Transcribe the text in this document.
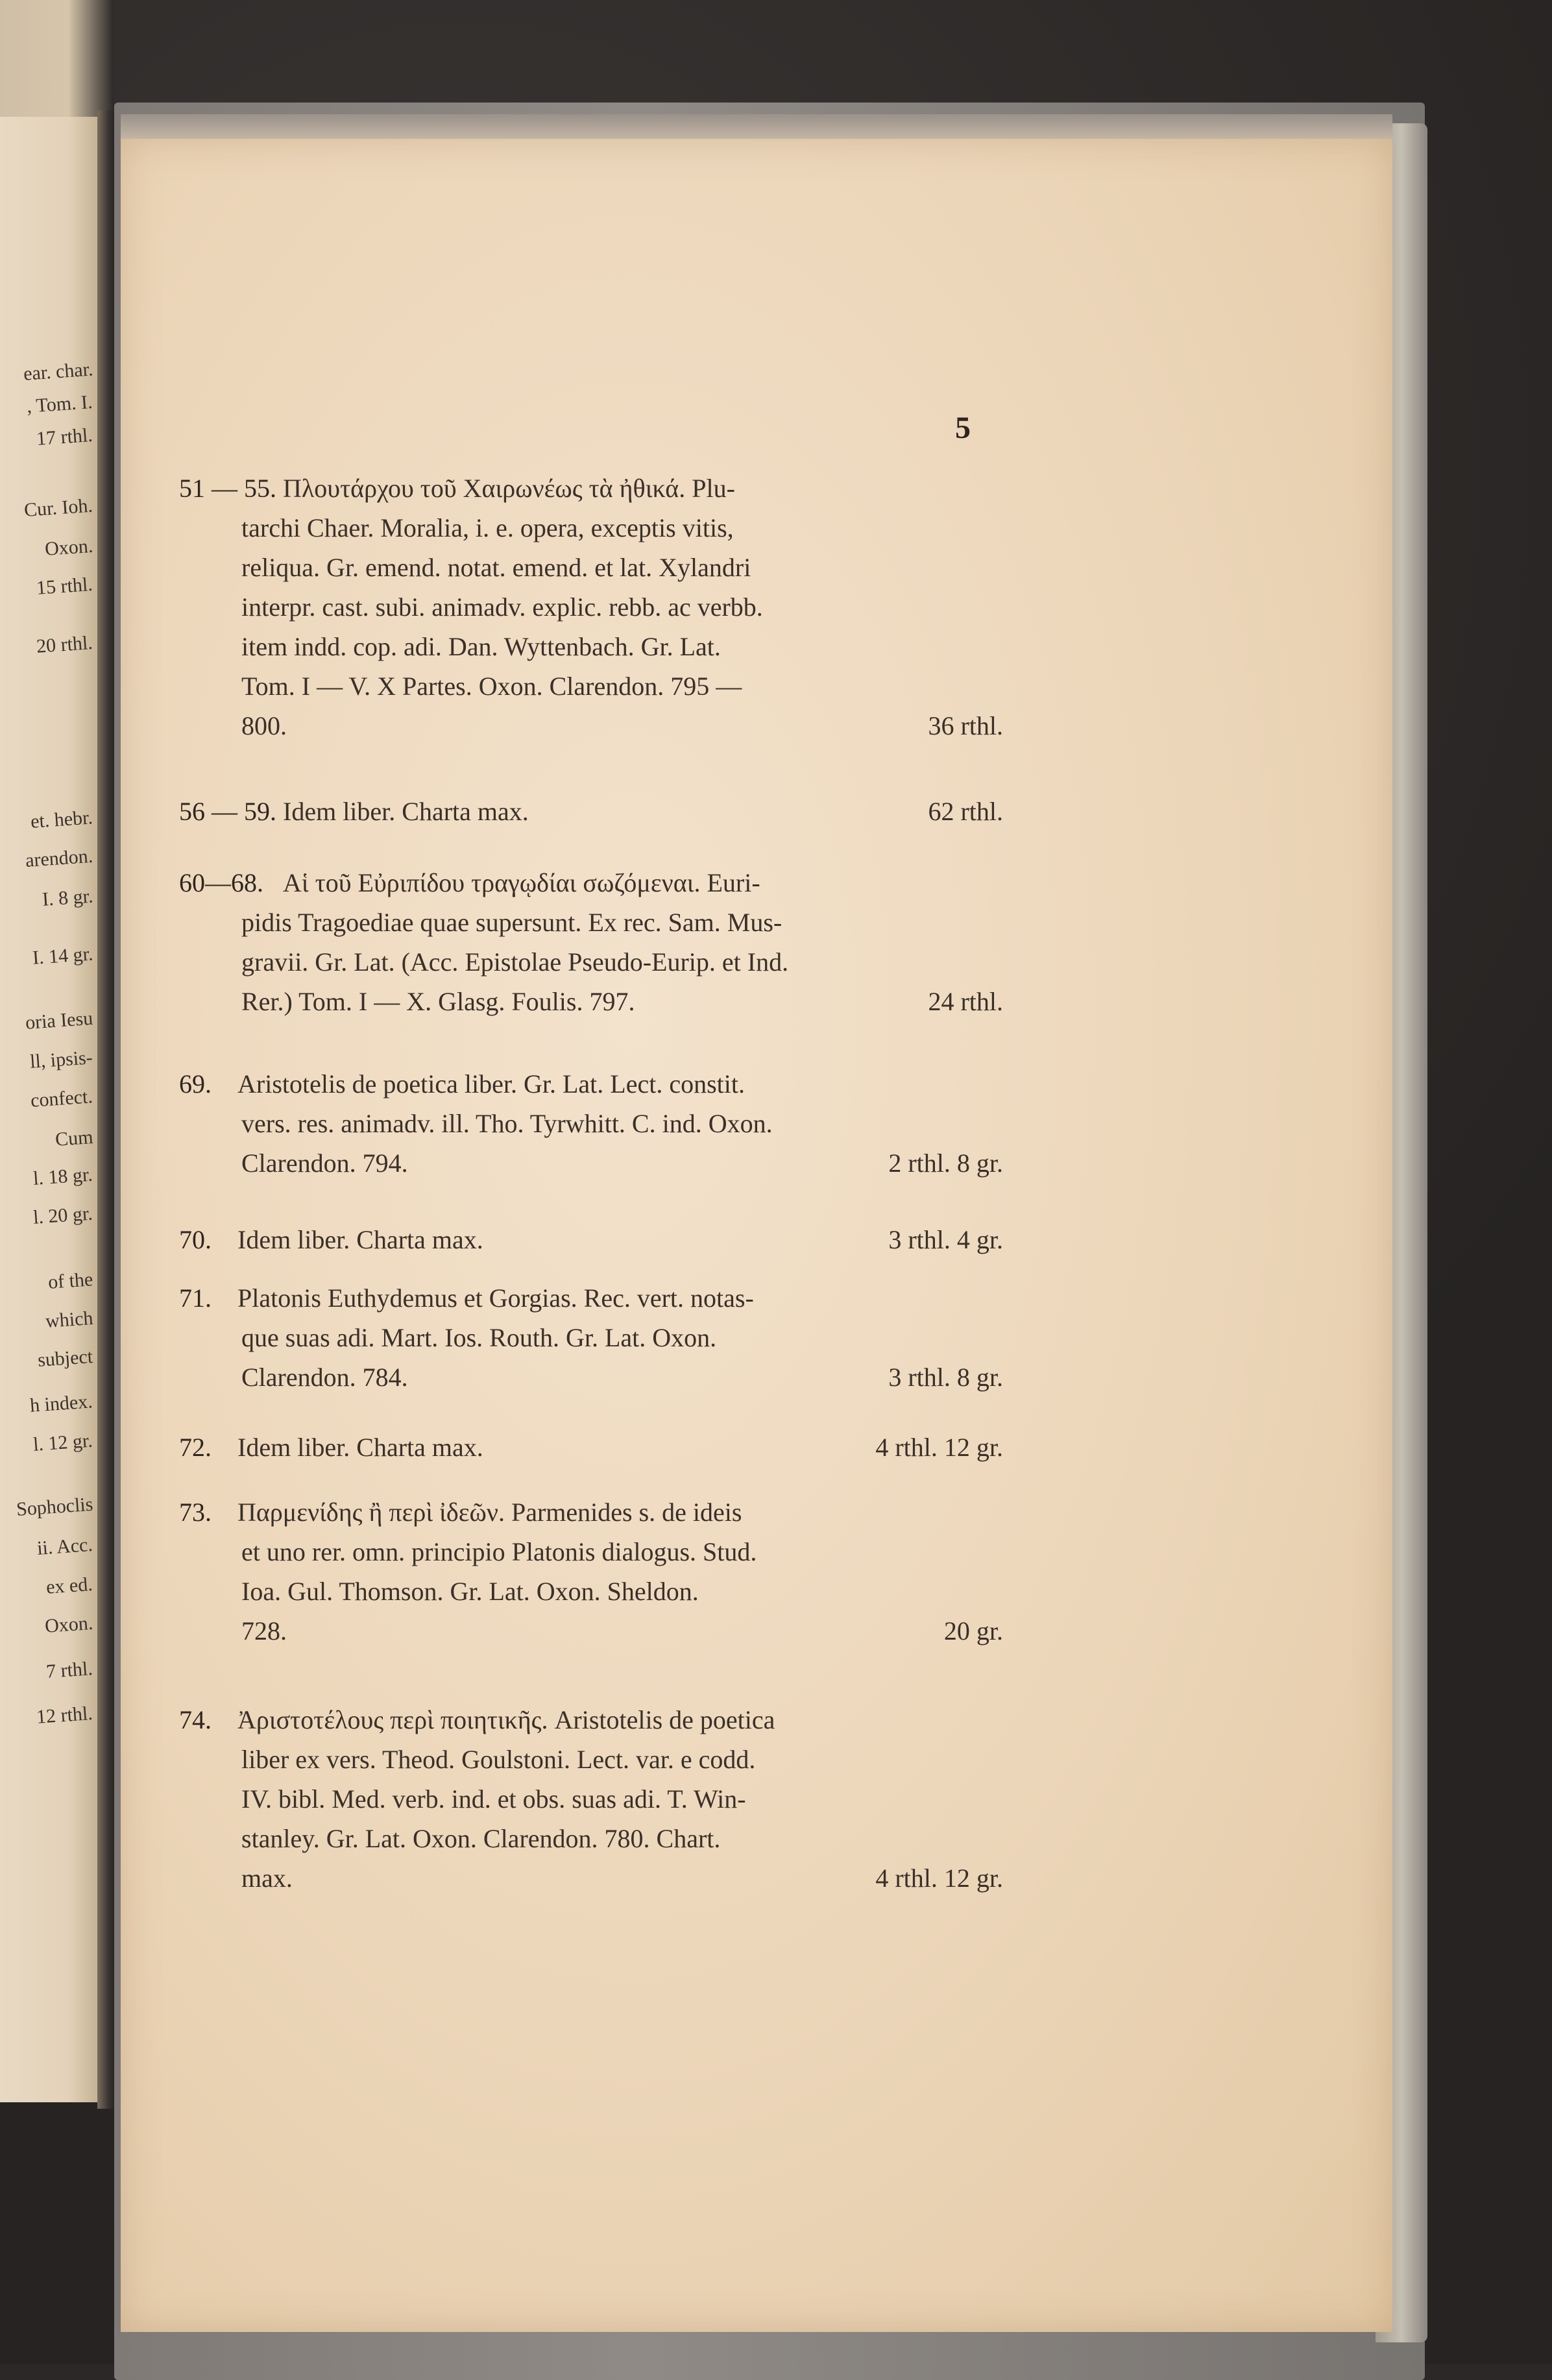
ear. char.
, Tom. I.
17 rthl.
Cur. Ioh.
Oxon.
15 rthl.
20 rthl.
et. hebr.
arendon.
I. 8 gr.
I. 14 gr.
oria Iesu
ll, ipsis-
confect.
Cum
l. 18 gr.
l. 20 gr.
of the
which
subject
h index.
l. 12 gr.
Sophoclis
ii. Acc.
ex ed.
Oxon.
7 rthl.
12 rthl.
5
51 — 55. Πλουτάρχου τοῦ Χαιρωνέως τὰ ἠθικά. Plu-
tarchi Chaer. Moralia, i. e. opera, exceptis vitis,
reliqua. Gr. emend. notat. emend. et lat. Xylandri
interpr. cast. subi. animadv. explic. rebb. ac verbb.
item indd. cop. adi. Dan. Wyttenbach. Gr. Lat.
Tom. I — V. X Partes. Oxon. Clarendon. 795 —
800.	36 rthl.
56 — 59. Idem liber. Charta max.	62 rthl.
60—68. Αἱ τοῦ Εὐριπίδου τραγῳδίαι σωζόμεναι. Euri-
pidis Tragoediae quae supersunt. Ex rec. Sam. Mus-
gravii. Gr. Lat. (Acc. Epistolae Pseudo-Eurip. et Ind.
Rer.) Tom. I — X. Glasg. Foulis. 797.	24 rthl.
69. Aristotelis de poetica liber. Gr. Lat. Lect. constit.
vers. res. animadv. ill. Tho. Tyrwhitt. C. ind. Oxon.
Clarendon. 794.	2 rthl. 8 gr.
70. Idem liber. Charta max.	3 rthl. 4 gr.
71. Platonis Euthydemus et Gorgias. Rec. vert. notas-
que suas adi. Mart. Ios. Routh. Gr. Lat. Oxon.
Clarendon. 784.	3 rthl. 8 gr.
72. Idem liber. Charta max.	4 rthl. 12 gr.
73. Παρμενίδης ἢ περὶ ἰδεῶν. Parmenides s. de ideis
et uno rer. omn. principio Platonis dialogus. Stud.
Ioa. Gul. Thomson. Gr. Lat. Oxon. Sheldon.
728.	20 gr.
74. Ἀριστοτέλους περὶ ποιητικῆς. Aristotelis de poetica
liber ex vers. Theod. Goulstoni. Lect. var. e codd.
IV. bibl. Med. verb. ind. et obs. suas adi. T. Win-
stanley. Gr. Lat. Oxon. Clarendon. 780. Chart.
max.	4 rthl. 12 gr.
